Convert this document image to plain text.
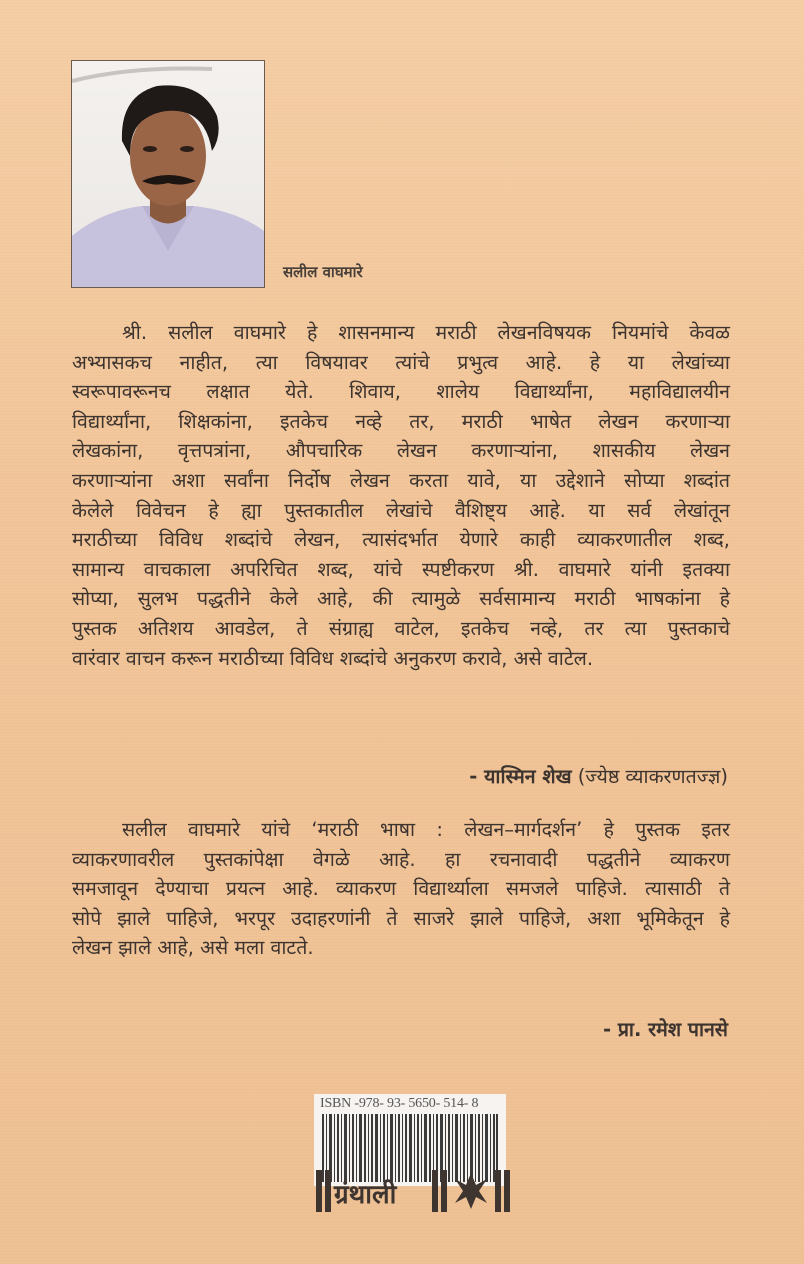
सलील वाघमारे
श्री. सलील वाघमारे हे शासनमान्य मराठी लेखनविषयक नियमांचे केवळ
अभ्यासकच नाहीत, त्या विषयावर त्यांचे प्रभुत्व आहे. हे या लेखांच्या
स्वरूपावरूनच लक्षात येते. शिवाय, शालेय विद्यार्थ्यांना, महाविद्यालयीन
विद्यार्थ्यांना, शिक्षकांना, इतकेच नव्हे तर, मराठी भाषेत लेखन करणाऱ्या
लेखकांना, वृत्तपत्रांना, औपचारिक लेखन करणाऱ्यांना, शासकीय लेखन
करणाऱ्यांना अशा सर्वांना निर्दोष लेखन करता यावे, या उद्देशाने सोप्या शब्दांत
केलेले विवेचन हे ह्या पुस्तकातील लेखांचे वैशिष्ट्य आहे. या सर्व लेखांतून
मराठीच्या विविध शब्दांचे लेखन, त्यासंदर्भात येणारे काही व्याकरणातील शब्द,
सामान्य वाचकाला अपरिचित शब्द, यांचे स्पष्टीकरण श्री. वाघमारे यांनी इतक्या
सोप्या, सुलभ पद्धतीने केले आहे, की त्यामुळे सर्वसामान्य मराठी भाषकांना हे
पुस्तक अतिशय आवडेल, ते संग्राह्य वाटेल, इतकेच नव्हे, तर त्या पुस्तकाचे
वारंवार वाचन करून मराठीच्या विविध शब्दांचे अनुकरण करावे, असे वाटेल.
- यास्मिन शेख (ज्येष्ठ व्याकरणतज्ज्ञ)
सलील वाघमारे यांचे ‘मराठी भाषा : लेखन–मार्गदर्शन’ हे पुस्तक इतर
व्याकरणावरील पुस्तकांपेक्षा वेगळे आहे. हा रचनावादी पद्धतीने व्याकरण
समजावून देण्याचा प्रयत्न आहे. व्याकरण विद्यार्थ्याला समजले पाहिजे. त्यासाठी ते
सोपे झाले पाहिजे, भरपूर उदाहरणांनी ते साजरे झाले पाहिजे, अशा भूमिकेतून हे
लेखन झाले आहे, असे मला वाटते.
- प्रा. रमेश पानसे
ISBN -978- 93- 5650- 514- 8
ग्रंथाली
